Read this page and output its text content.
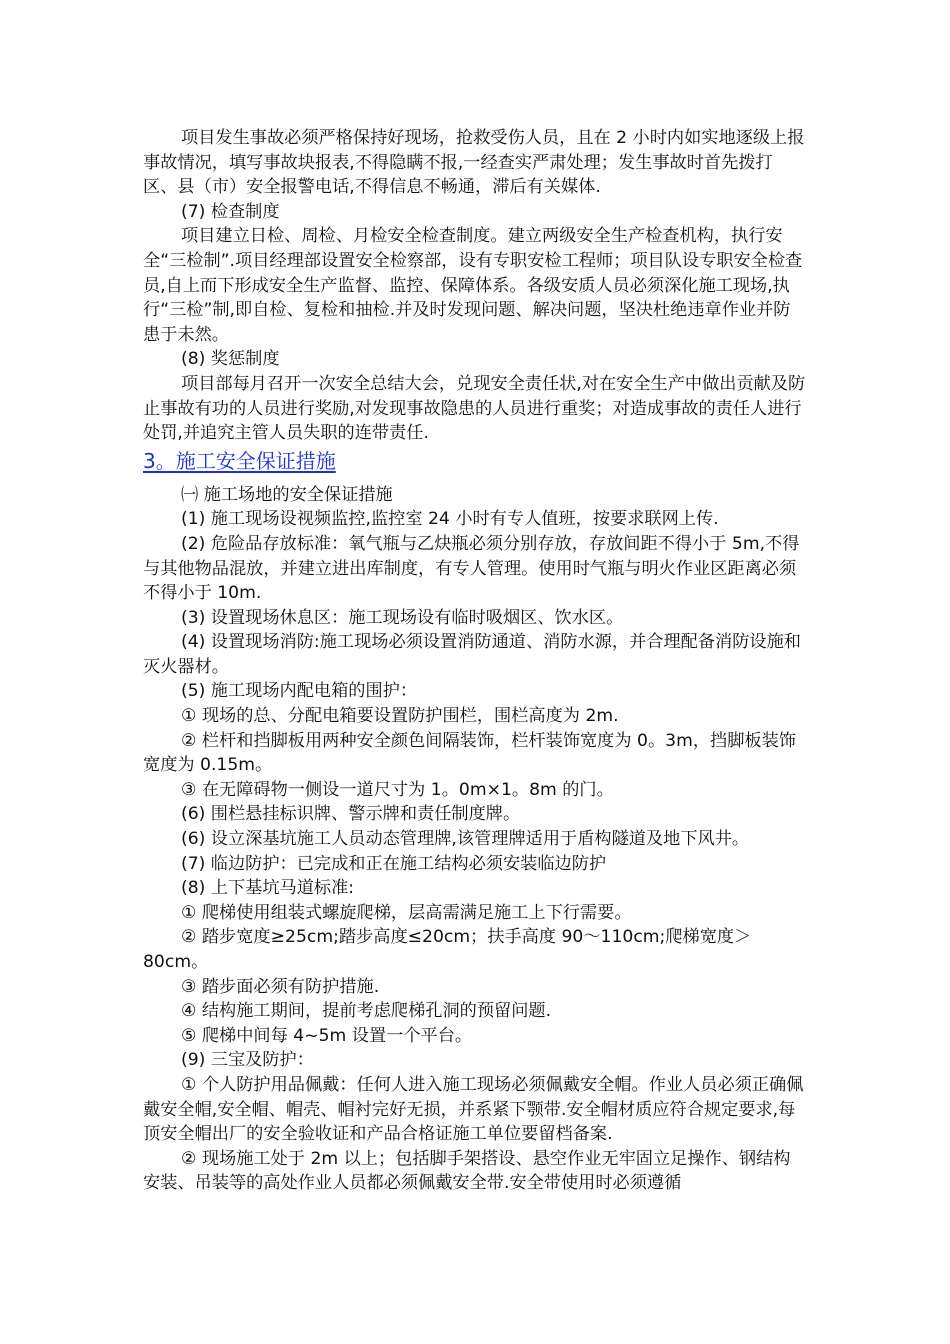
项目发生事故必须严格保持好现场，抢救受伤人员，且在 2 小时内如实地逐级上报事故情况，填写事故块报表,不得隐瞒不报,一经查实严肃处理；发生事故时首先拨打区、县（市）安全报警电话,不得信息不畅通，滞后有关媒体.

(7) 检查制度

项目建立日检、周检、月检安全检查制度。建立两级安全生产检查机构，执行安全“三检制”.项目经理部设置安全检察部，设有专职安检工程师；项目队设专职安全检查员,自上而下形成安全生产监督、监控、保障体系。各级安质人员必须深化施工现场,执行“三检”制,即自检、复检和抽检.并及时发现问题、解决问题，坚决杜绝违章作业并防患于未然。

(8) 奖惩制度

项目部每月召开一次安全总结大会，兑现安全责任状,对在安全生产中做出贡献及防止事故有功的人员进行奖励,对发现事故隐患的人员进行重奖；对造成事故的责任人进行处罚,并追究主管人员失职的连带责任.

3。施工安全保证措施

㈠ 施工场地的安全保证措施

(1) 施工现场设视频监控,监控室 24 小时有专人值班，按要求联网上传.

(2) 危险品存放标准：氧气瓶与乙炔瓶必须分别存放，存放间距不得小于 5m,不得与其他物品混放，并建立进出库制度，有专人管理。使用时气瓶与明火作业区距离必须不得小于 10m.

(3) 设置现场休息区：施工现场设有临时吸烟区、饮水区。

(4) 设置现场消防:施工现场必须设置消防通道、消防水源，并合理配备消防设施和灭火器材。

(5) 施工现场内配电箱的围护：

① 现场的总、分配电箱要设置防护围栏，围栏高度为 2m.

② 栏杆和挡脚板用两种安全颜色间隔装饰，栏杆装饰宽度为 0。3m，挡脚板装饰宽度为 0.15m。

③ 在无障碍物一侧设一道尺寸为 1。0m×1。8m 的门。

(6) 围栏悬挂标识牌、警示牌和责任制度牌。

(6) 设立深基坑施工人员动态管理牌,该管理牌适用于盾构隧道及地下风井。

(7) 临边防护：已完成和正在施工结构必须安装临边防护

(8) 上下基坑马道标准:

① 爬梯使用组装式螺旋爬梯，层高需满足施工上下行需要。

② 踏步宽度≥25cm;踏步高度≤20cm；扶手高度 90～110cm;爬梯宽度＞80cm。

③ 踏步面必须有防护措施.

④ 结构施工期间，提前考虑爬梯孔洞的预留问题.

⑤ 爬梯中间每 4~5m 设置一个平台。

(9) 三宝及防护：

① 个人防护用品佩戴：任何人进入施工现场必须佩戴安全帽。作业人员必须正确佩戴安全帽,安全帽、帽壳、帽衬完好无损，并系紧下颚带.安全帽材质应符合规定要求,每顶安全帽出厂的安全验收证和产品合格证施工单位要留档备案.

② 现场施工处于 2m 以上；包括脚手架搭设、悬空作业无牢固立足操作、钢结构安装、吊装等的高处作业人员都必须佩戴安全带.安全带使用时必须遵循
